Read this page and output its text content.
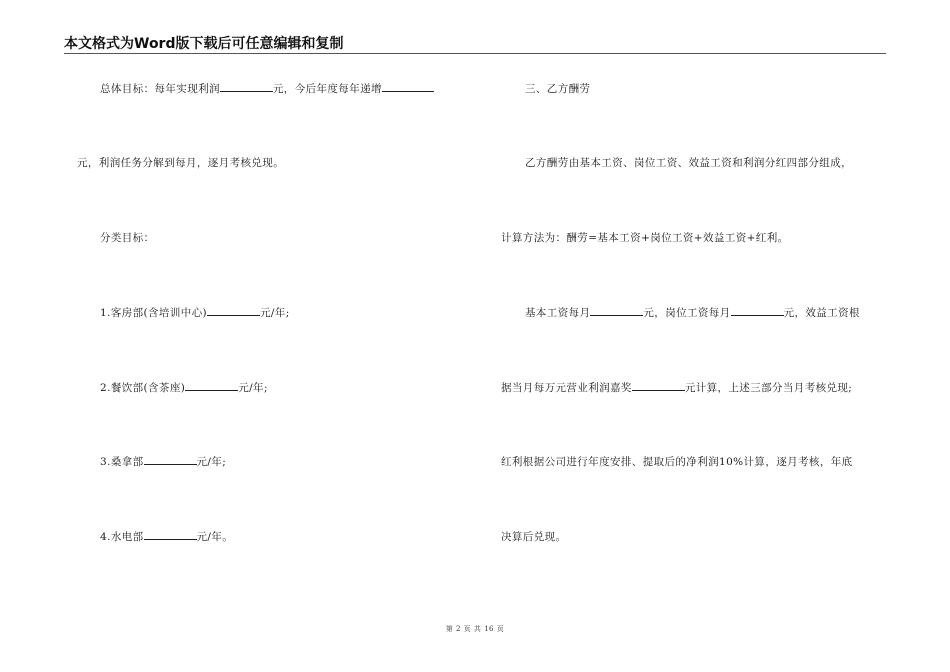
本文格式为Word版下载后可任意编辑和复制
总体目标：每年实现利润	元，今后年度每年递增
元，利润任务分解到每月，逐月考核兑现。
分类目标：
1.客房部(含培训中心)	元/年;
2.餐饮部(含茶座)	元/年;
3.桑拿部	元/年;
4.水电部	元/年。
三、乙方酬劳
乙方酬劳由基本工资、岗位工资、效益工资和利润分红四部分组成，
计算方法为：酬劳=基本工资+岗位工资+效益工资+红利。
基本工资每月	元，岗位工资每月	元，效益工资根
据当月每万元营业利润嘉奖	元计算，上述三部分当月考核兑现;
红利根据公司进行年度安排、提取后的净利润10%计算，逐月考核，年底
决算后兑现。
第 2 页 共 16 页
